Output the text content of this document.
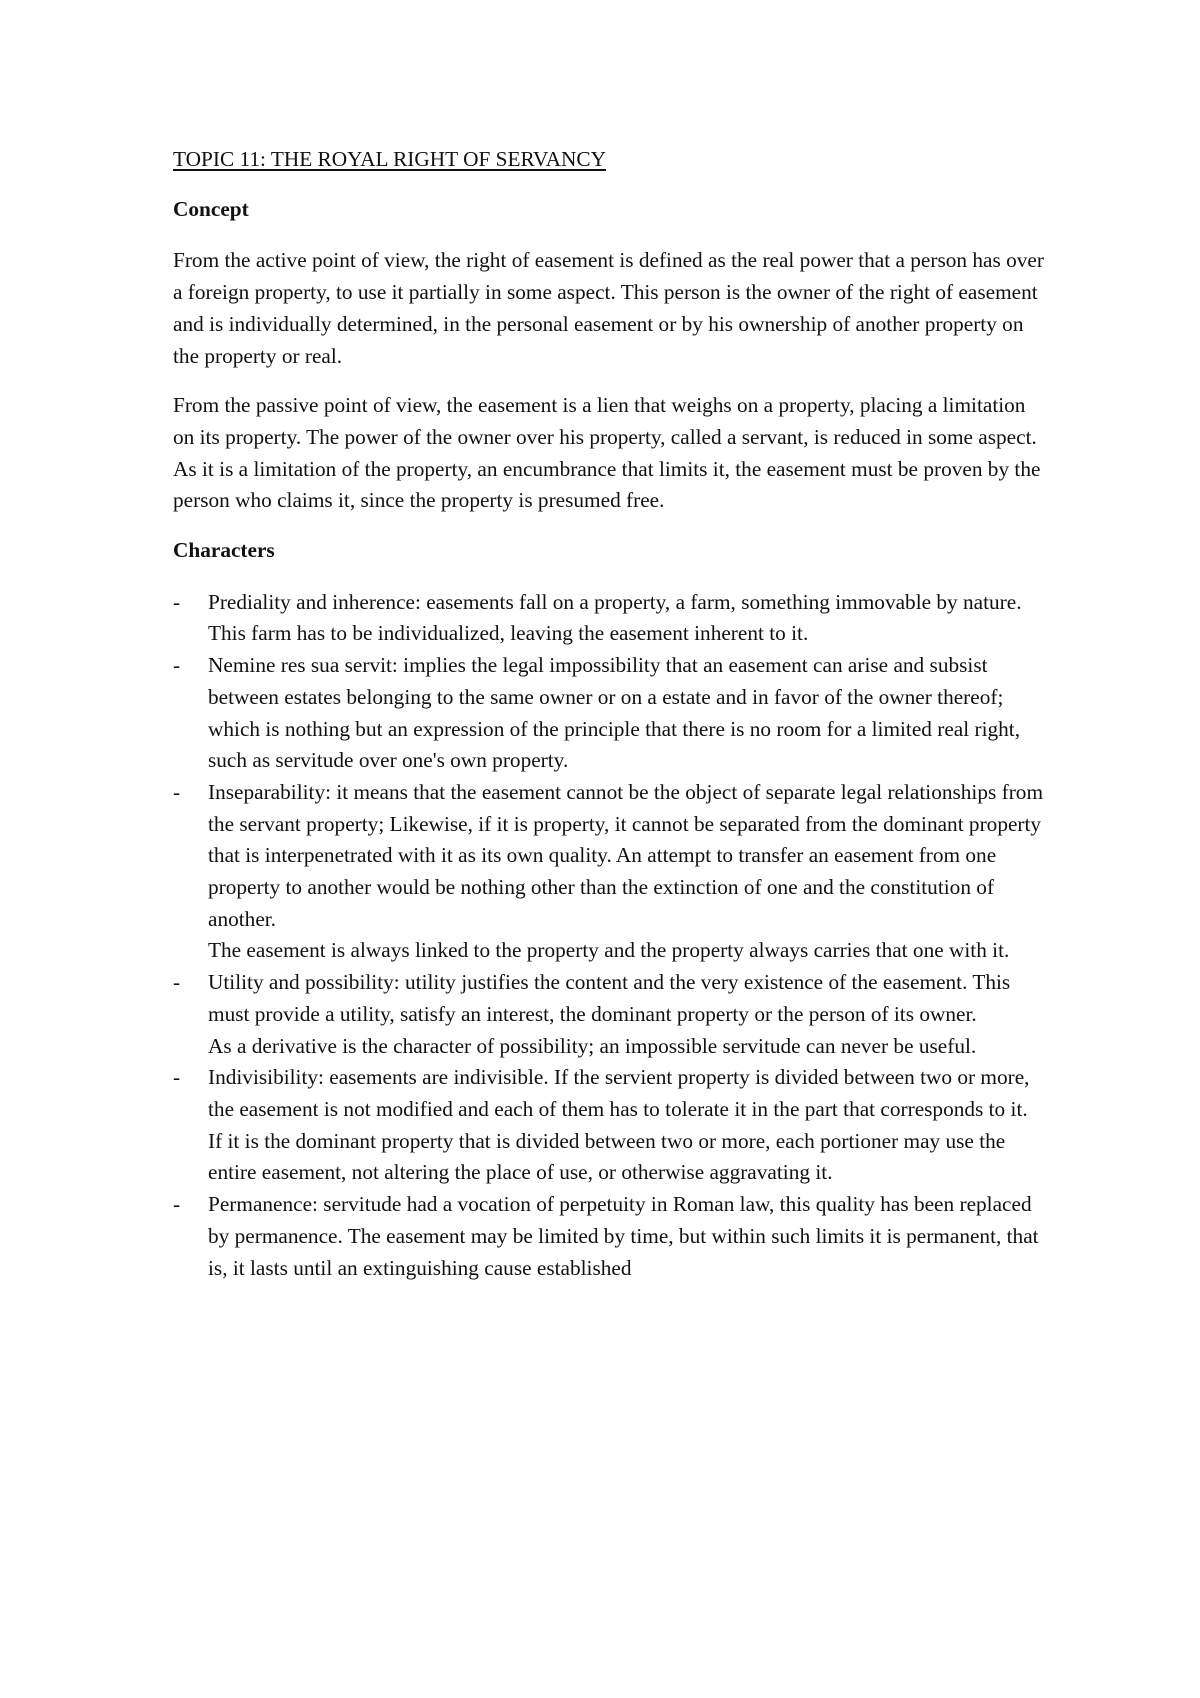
TOPIC 11: THE ROYAL RIGHT OF SERVANCY
Concept

From the active point of view, the right of easement is defined as the real power that a person has over a foreign property, to use it partially in some aspect. This person is the owner of the right of easement and is individually determined, in the personal easement or by his ownership of another property on the property or real.

From the passive point of view, the easement is a lien that weighs on a property, placing a limitation on its property. The power of the owner over his property, called a servant, is reduced in some aspect. As it is a limitation of the property, an encumbrance that limits it, the easement must be proven by the person who claims it, since the property is presumed free.

Characters
- Prediality and inherence: easements fall on a property, a farm, something immovable by nature. This farm has to be individualized, leaving the easement inherent to it.
- Nemine res sua servit: implies the legal impossibility that an easement can arise and subsist between estates belonging to the same owner or on a estate and in favor of the owner thereof; which is nothing but an expression of the principle that there is no room for a limited real right, such as servitude over one's own property.
- Inseparability: it means that the easement cannot be the object of separate legal relationships from the servant property; Likewise, if it is property, it cannot be separated from the dominant property that is interpenetrated with it as its own quality. An attempt to transfer an easement from one property to another would be nothing other than the extinction of one and the constitution of another.
The easement is always linked to the property and the property always carries that one with it.
- Utility and possibility: utility justifies the content and the very existence of the easement. This must provide a utility, satisfy an interest, the dominant property or the person of its owner.
As a derivative is the character of possibility; an impossible servitude can never be useful.
- Indivisibility: easements are indivisible. If the servient property is divided between two or more, the easement is not modified and each of them has to tolerate it in the part that corresponds to it. If it is the dominant property that is divided between two or more, each portioner may use the entire easement, not altering the place of use, or otherwise aggravating it.
- Permanence: servitude had a vocation of perpetuity in Roman law, this quality has been replaced by permanence. The easement may be limited by time, but within such limits it is permanent, that is, it lasts until an extinguishing cause established
